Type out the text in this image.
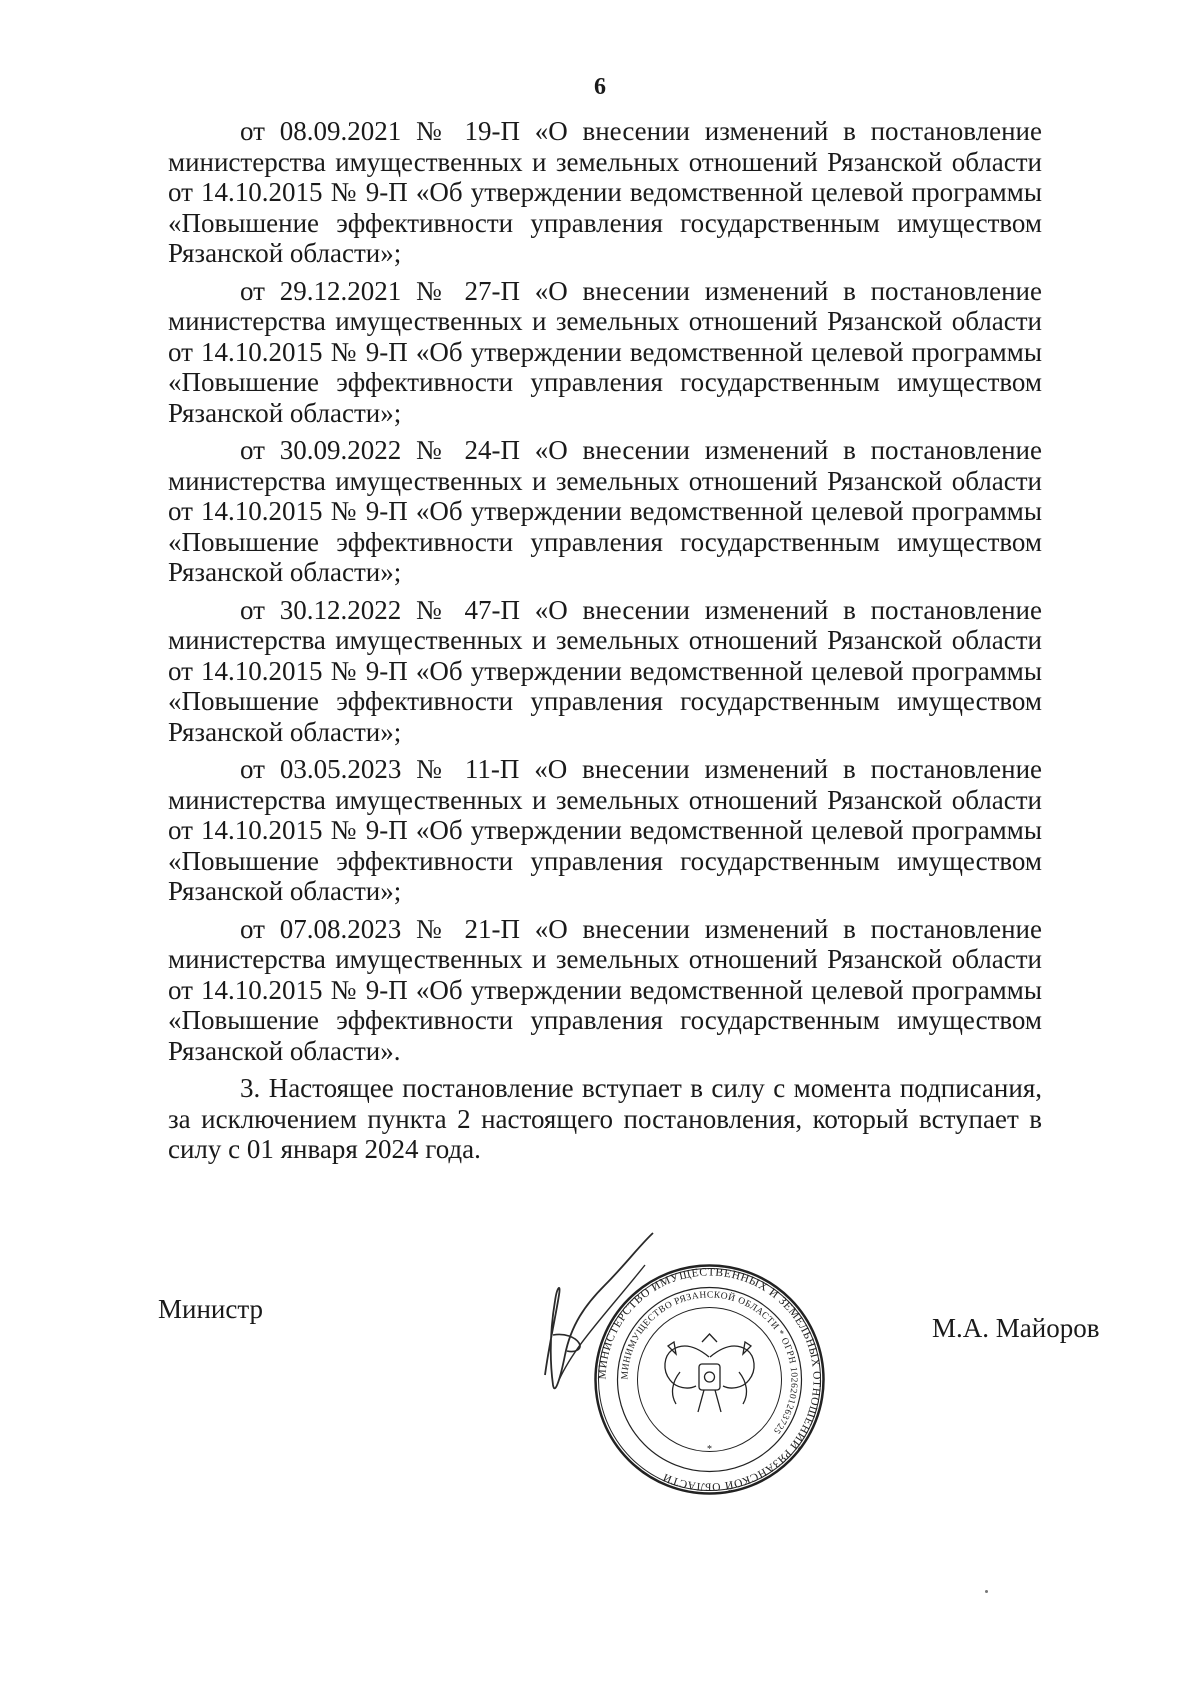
6

от 08.09.2021 № 19-П «О внесении изменений в постановление министерства имущественных и земельных отношений Рязанской области от 14.10.2015 № 9-П «Об утверждении ведомственной целевой программы «Повышение эффективности управления государственным имуществом Рязанской области»;

от 29.12.2021 № 27-П «О внесении изменений в постановление министерства имущественных и земельных отношений Рязанской области от 14.10.2015 № 9-П «Об утверждении ведомственной целевой программы «Повышение эффективности управления государственным имуществом Рязанской области»;

от 30.09.2022 № 24-П «О внесении изменений в постановление министерства имущественных и земельных отношений Рязанской области от 14.10.2015 № 9-П «Об утверждении ведомственной целевой программы «Повышение эффективности управления государственным имуществом Рязанской области»;

от 30.12.2022 № 47-П «О внесении изменений в постановление министерства имущественных и земельных отношений Рязанской области от 14.10.2015 № 9-П «Об утверждении ведомственной целевой программы «Повышение эффективности управления государственным имуществом Рязанской области»;

от 03.05.2023 № 11-П «О внесении изменений в постановление министерства имущественных и земельных отношений Рязанской области от 14.10.2015 № 9-П «Об утверждении ведомственной целевой программы «Повышение эффективности управления государственным имуществом Рязанской области»;

от 07.08.2023 № 21-П «О внесении изменений в постановление министерства имущественных и земельных отношений Рязанской области от 14.10.2015 № 9-П «Об утверждении ведомственной целевой программы «Повышение эффективности управления государственным имуществом Рязанской области».

3. Настоящее постановление вступает в силу с момента подписания, за исключением пункта 2 настоящего постановления, который вступает в силу с 01 января 2024 года.

Министр
МИНИСТЕРСТВО ИМУЩЕСТВЕННЫХ И ЗЕМЕЛЬНЫХ ОТНОШЕНИЙ РЯЗАНСКОЙ ОБЛАСТИ
МИНИМУЩЕСТВО РЯЗАНСКОЙ ОБЛАСТИ * ОГРН 1026201263725
*
М.А. Майоров
